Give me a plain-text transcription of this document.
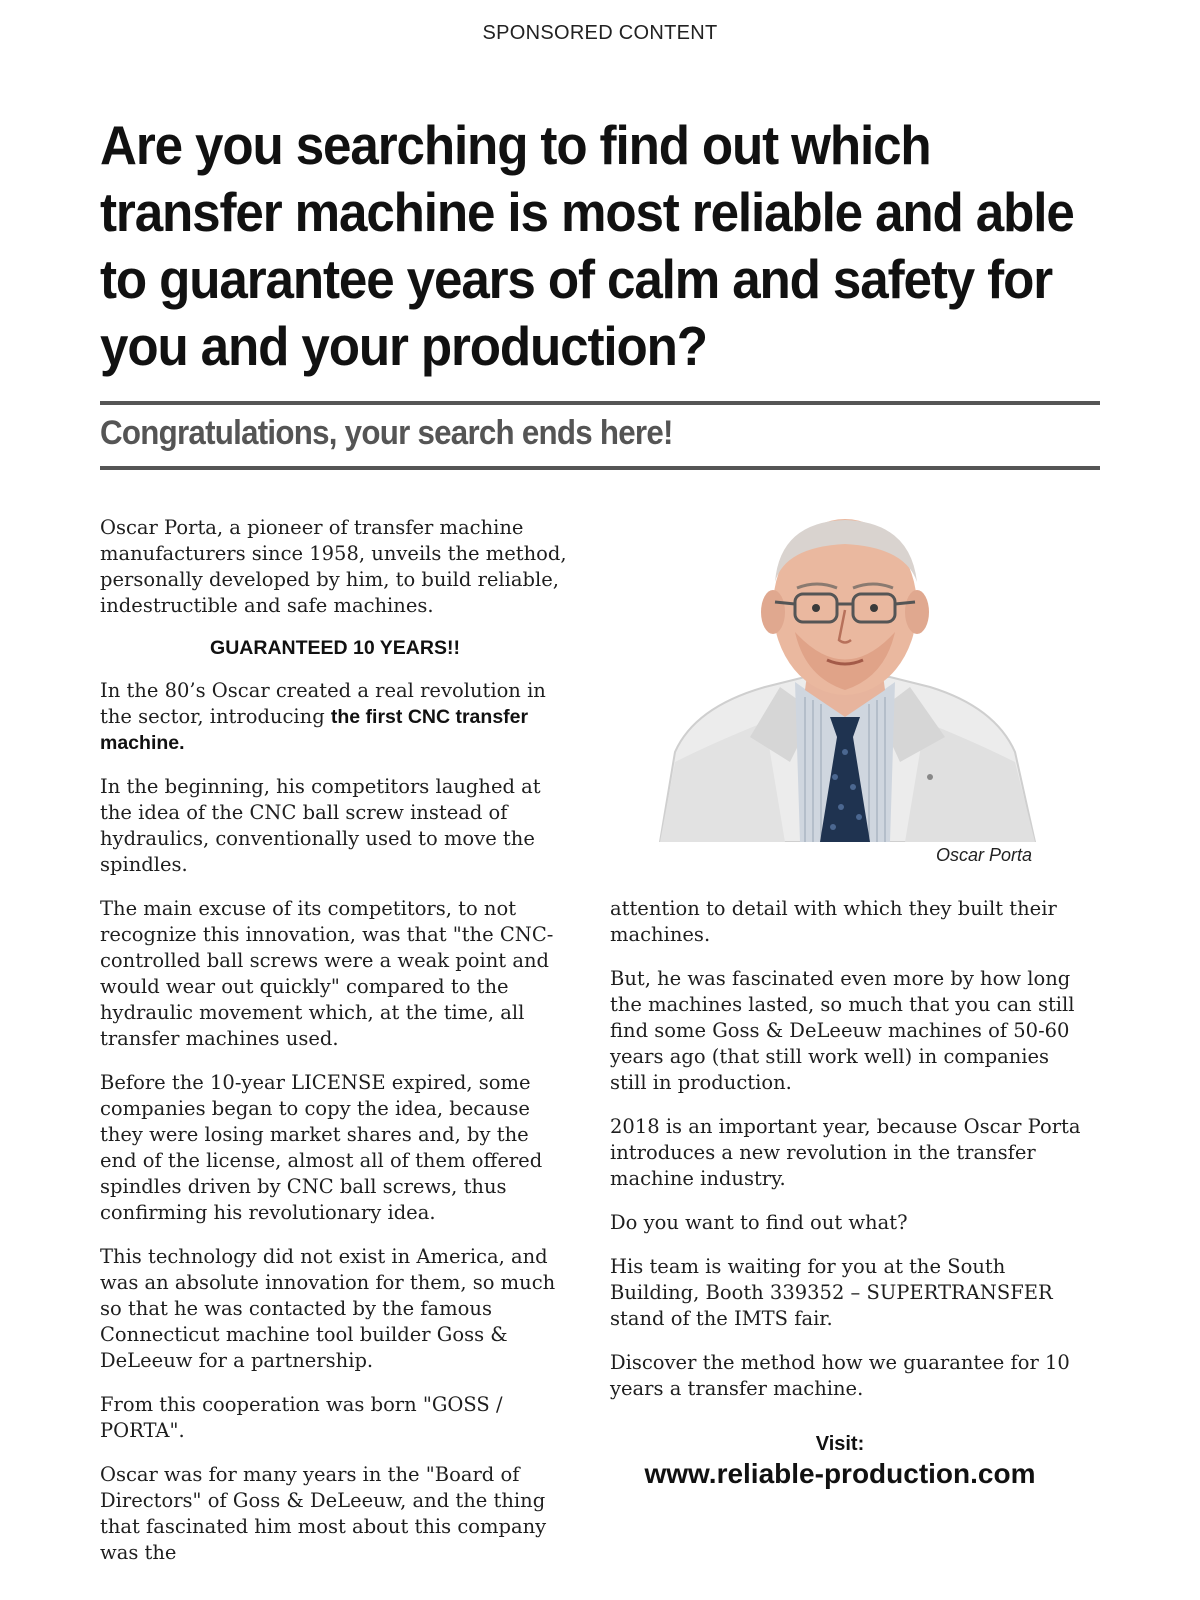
SPONSORED CONTENT
Are you searching to find out which transfer machine is most reliable and able to guarantee years of calm and safety for you and your production?
Congratulations, your search ends here!

Oscar Porta, a pioneer of transfer machine manufacturers since 1958, unveils the method, personally developed by him, to build reliable, indestructible and safe machines.

GUARANTEED 10 YEARS!!

In the 80’s Oscar created a real revolution in the sector, introducing the first CNC transfer machine.

In the beginning, his competitors laughed at the idea of the CNC ball screw instead of hydraulics, conventionally used to move the spindles.

The main excuse of its competitors, to not recognize this innovation, was that "the CNC-controlled ball screws were a weak point and would wear out quickly" compared to the hydraulic movement which, at the time, all transfer machines used.

Before the 10-year LICENSE expired, some companies began to copy the idea, because they were losing market shares and, by the end of the license, almost all of them offered spindles driven by CNC ball screws, thus confirming his revolutionary idea.

This technology did not exist in America, and was an absolute innovation for them, so much so that he was contacted by the famous Connecticut machine tool builder Goss & DeLeeuw for a partnership.

From this cooperation was born "GOSS / PORTA".

Oscar was for many years in the "Board of Directors" of Goss & DeLeeuw, and the thing that fascinated him most about this company was the

Oscar Porta

attention to detail with which they built their machines.

But, he was fascinated even more by how long the machines lasted, so much that you can still find some Goss & DeLeeuw machines of 50-60 years ago (that still work well) in companies still in production.

2018 is an important year, because Oscar Porta introduces a new revolution in the transfer machine industry.

Do you want to find out what?

His team is waiting for you at the South Building, Booth 339352 – SUPERTRANSFER stand of the IMTS fair.

Discover the method how we guarantee for 10 years a transfer machine.

Visit:
www.reliable-production.com
